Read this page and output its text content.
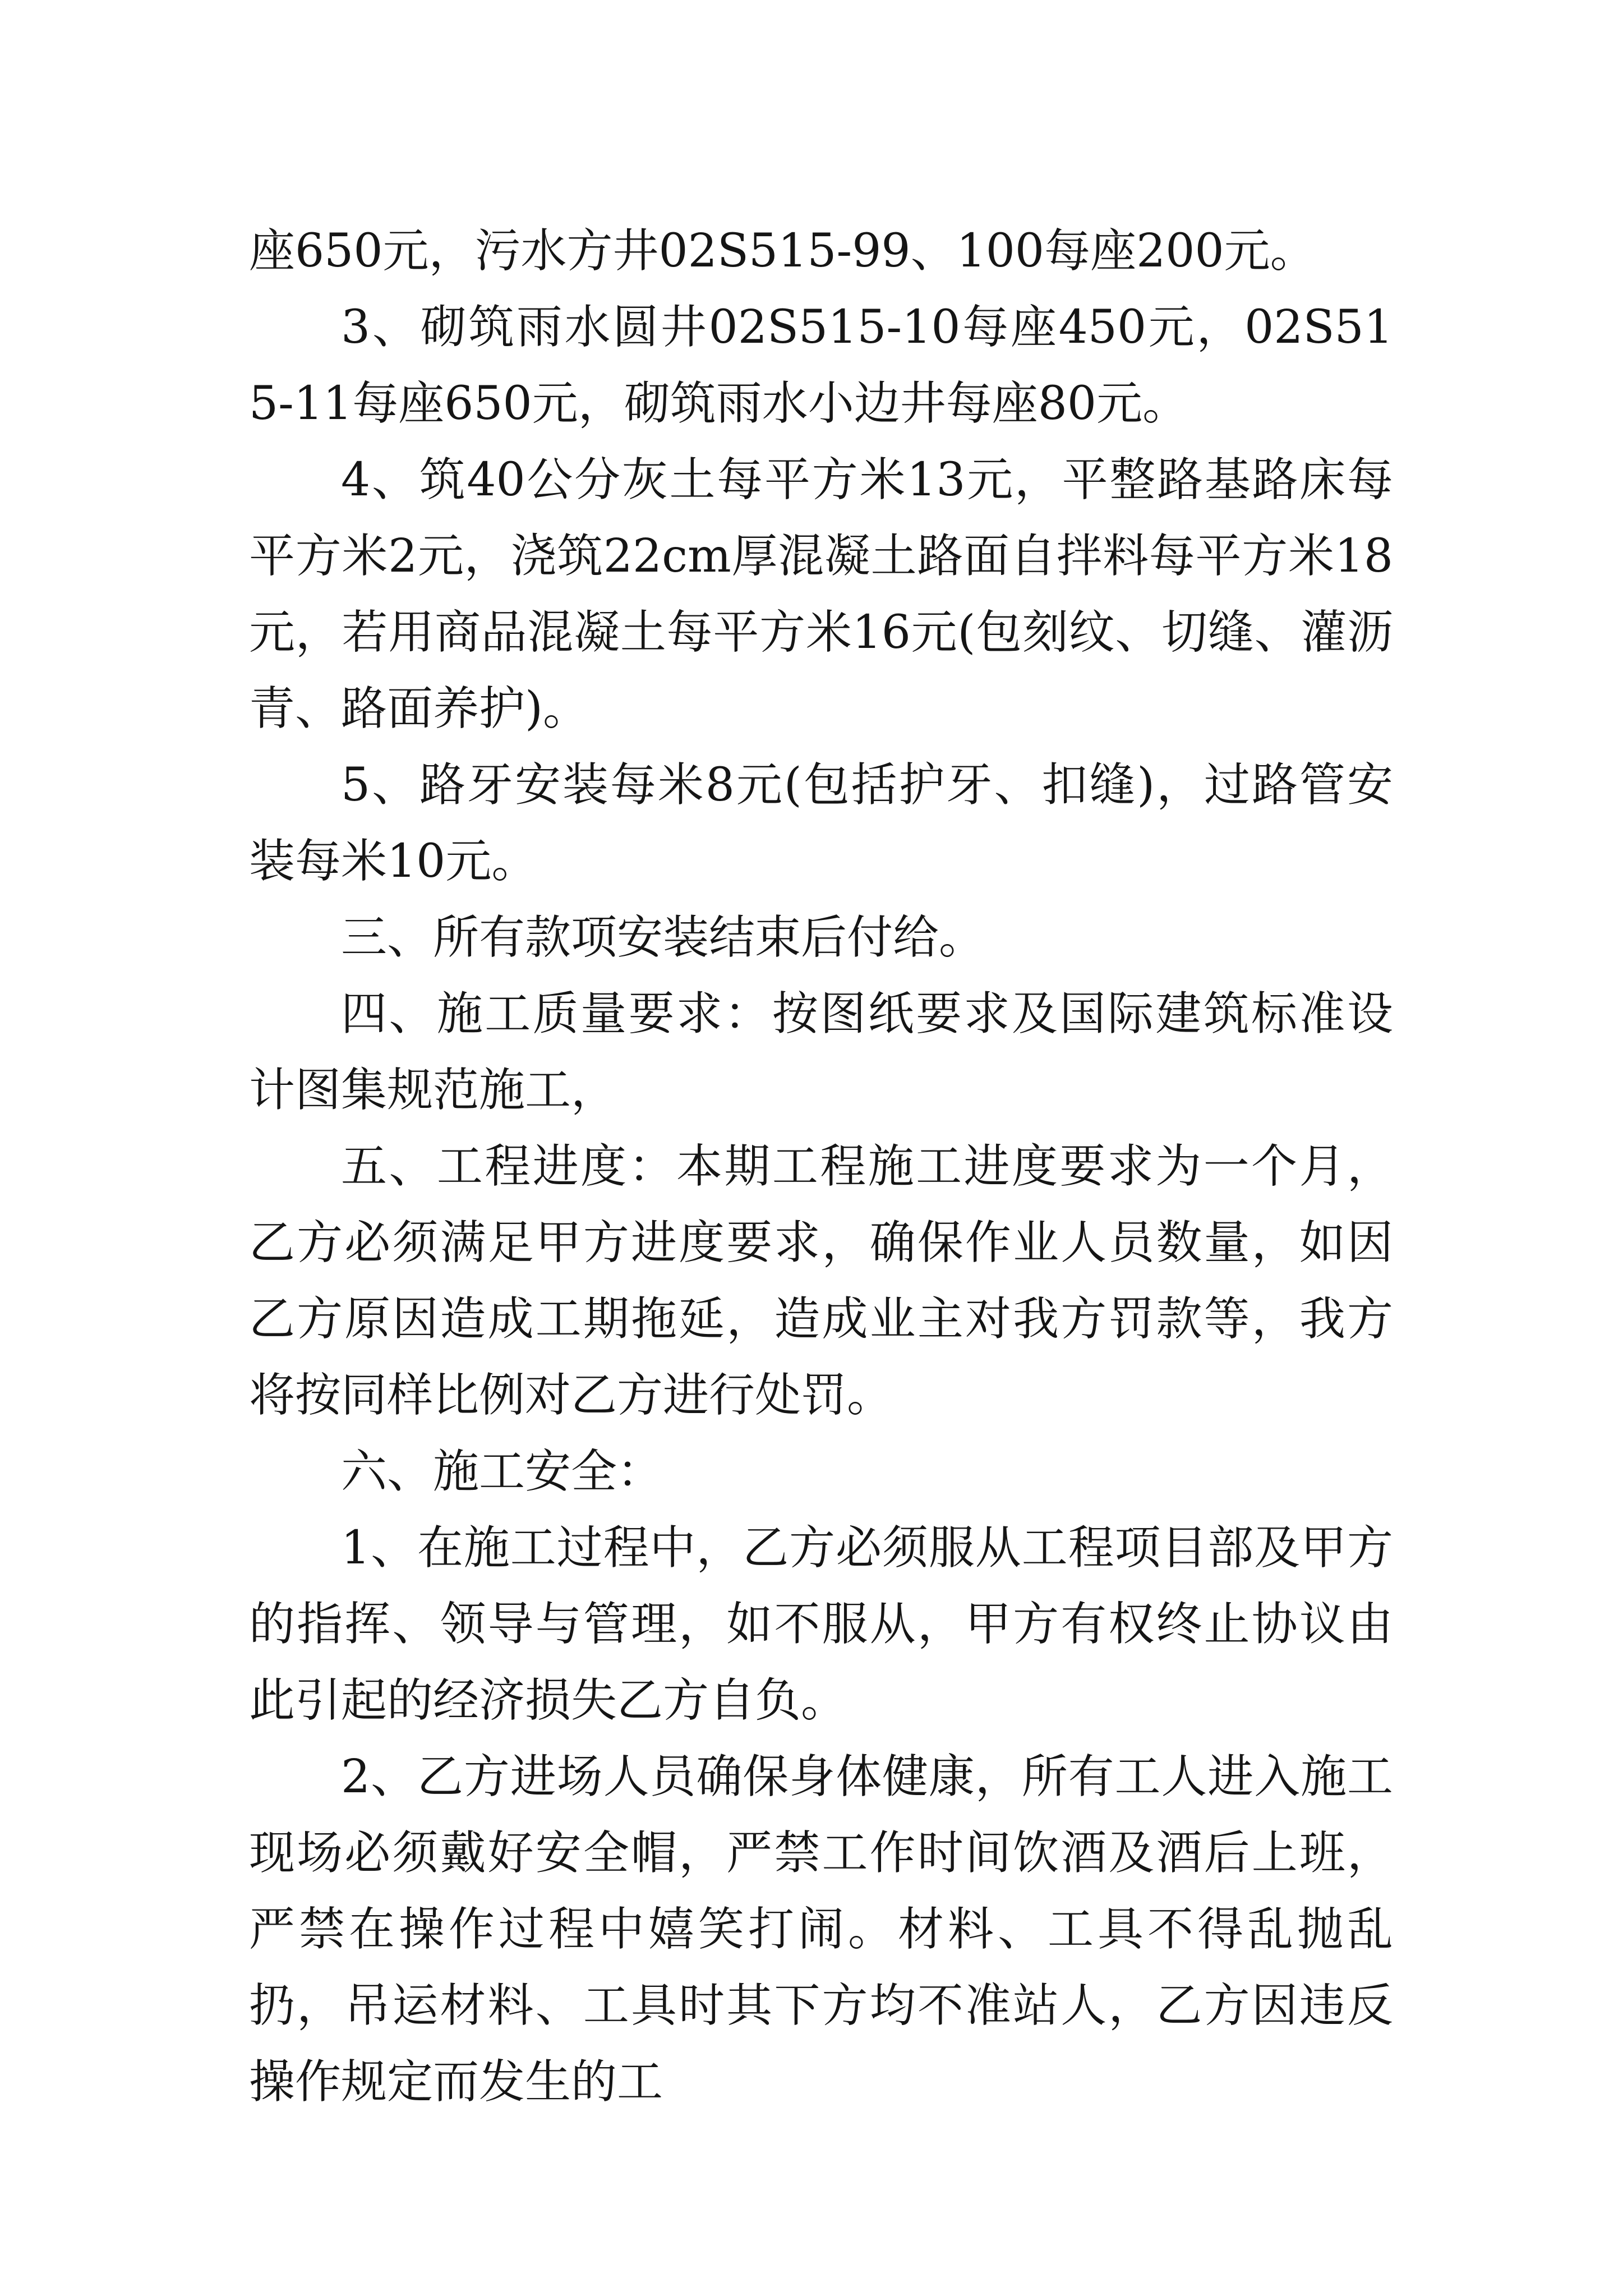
座650元，污水方井02S515-99、100每座200元。

3、砌筑雨水圆井02S515-10每座450元，02S515-11每座650元，砌筑雨水小边井每座80元。

4、筑40公分灰土每平方米13元，平整路基路床每平方米2元，浇筑22cm厚混凝土路面自拌料每平方米18元，若用商品混凝土每平方米16元(包刻纹、切缝、灌沥青、路面养护)。

5、路牙安装每米8元(包括护牙、扣缝)，过路管安装每米10元。

三、所有款项安装结束后付给。

四、施工质量要求：按图纸要求及国际建筑标准设计图集规范施工，

五、工程进度：本期工程施工进度要求为一个月，乙方必须满足甲方进度要求，确保作业人员数量，如因乙方原因造成工期拖延，造成业主对我方罚款等，我方将按同样比例对乙方进行处罚。

六、施工安全：

1、在施工过程中，乙方必须服从工程项目部及甲方的指挥、领导与管理，如不服从，甲方有权终止协议由此引起的经济损失乙方自负。

2、乙方进场人员确保身体健康，所有工人进入施工现场必须戴好安全帽，严禁工作时间饮酒及酒后上班，严禁在操作过程中嬉笑打闹。材料、工具不得乱抛乱扔，吊运材料、工具时其下方均不准站人，乙方因违反操作规定而发生的工
